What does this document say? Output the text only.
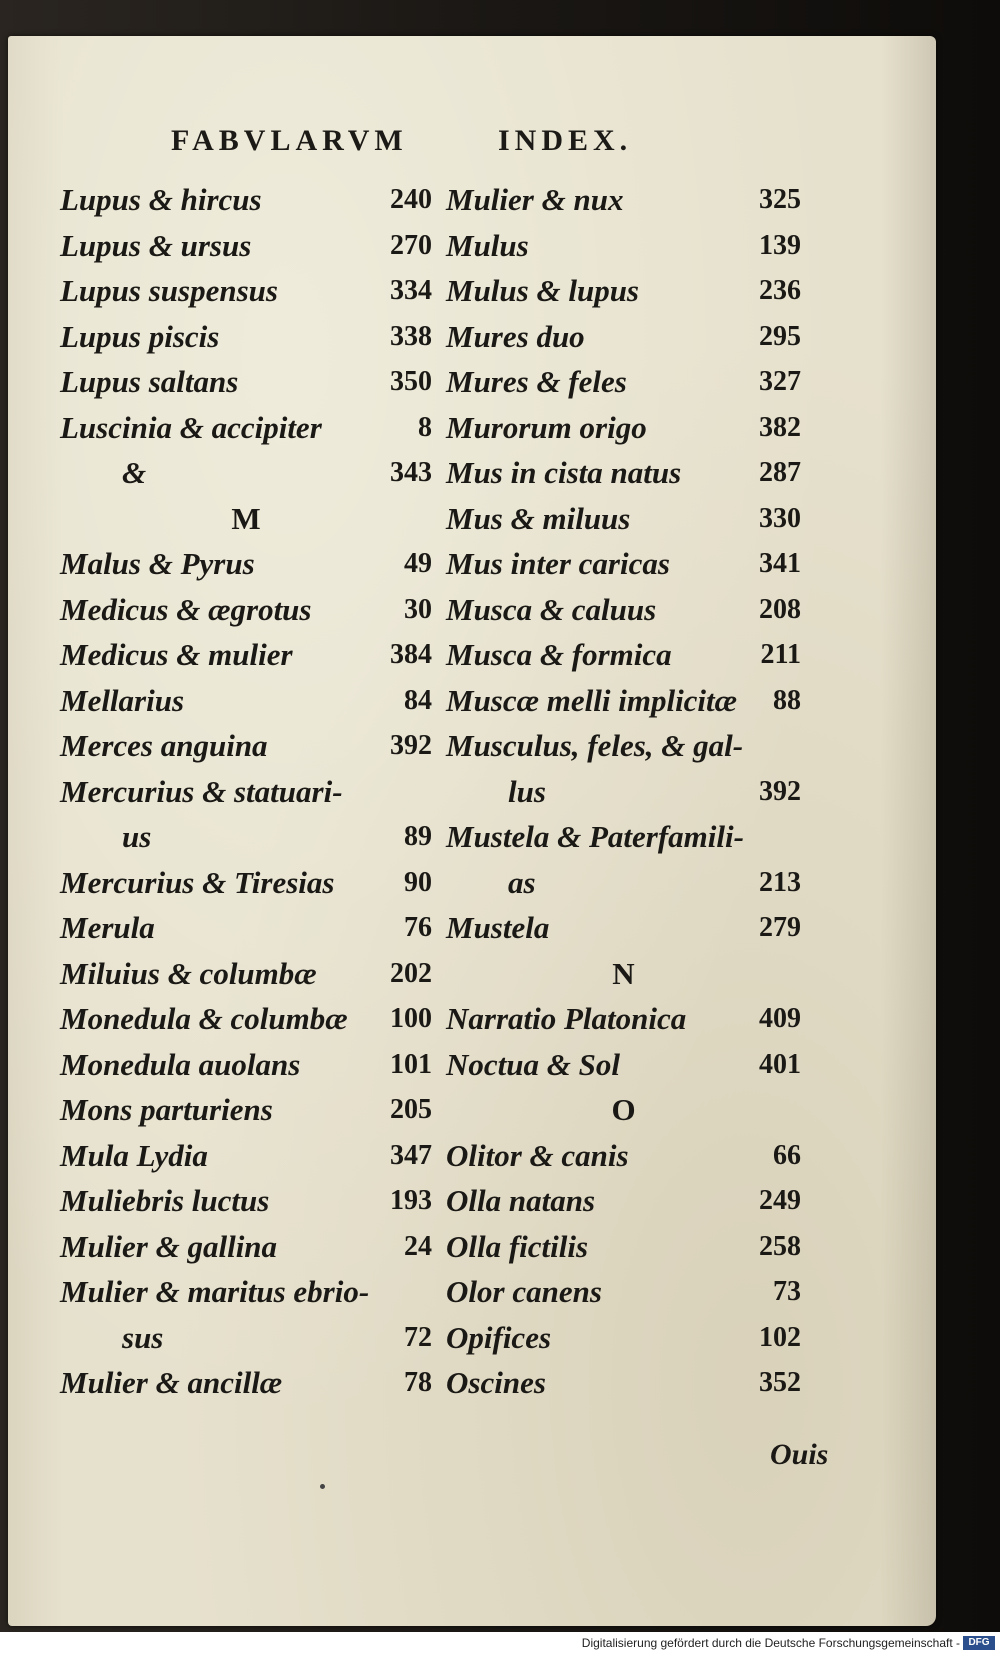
FABVLARVM	INDEX.
Lupus & hircus	240
Lupus & ursus	270
Lupus suspensus	334
Lupus piscis	338
Lupus saltans	350
Luscinia & accipiter	8
&	343
M
Malus & Pyrus	49
Medicus & ægrotus	30
Medicus & mulier	384
Mellarius	84
Merces anguina	392
Mercurius & statuari-
us	89
Mercurius & Tiresias 90
Merula	76
Miluius & columbæ	202
Monedula & columbæ 100
Monedula auolans	101
Mons parturiens	205
Mula Lydia	347
Muliebris luctus	193
Mulier & gallina	24
Mulier & maritus ebrio-
sus	72
Mulier & ancillæ	78
Mulier & nux	325
Mulus	139
Mulus & lupus	236
Mures duo	295
Mures & feles	327
Murorum origo	382
Mus in cista natus	287
Mus & miluus	330
Mus inter caricas	341
Musca & caluus	208
Musca & formica	211
Muscæ melli implicitæ 88
Musculus, feles, & gal-
lus	392
Mustela & Paterfamili-
as	213
Mustela	279
N
Narratio Platonica	409
Noctua & Sol	401
O
Olitor & canis	66
Olla natans	249
Olla fictilis	258
Olor canens	73
Opifices	102
Oscines	352
Ouis
Digitalisierung gefördert durch die Deutsche Forschungsgemeinschaft - DFG
